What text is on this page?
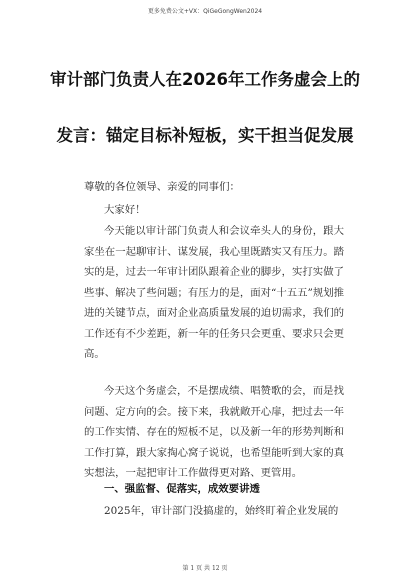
更多免费公文+VX：QiGeGongWen2024
审计部门负责人在2026年工作务虚会上的
发言：锚定目标补短板，实干担当促发展
尊敬的各位领导、亲爱的同事们：
大家好！
今天能以审计部门负责人和会议牵头人的身份，跟大家坐在一起聊审计、谋发展，我心里既踏实又有压力。踏实的是，过去一年审计团队跟着企业的脚步，实打实做了些事、解决了些问题；有压力的是，面对“十五五”规划推进的关键节点，面对企业高质量发展的迫切需求，我们的工作还有不少差距，新一年的任务只会更重、要求只会更高。
今天这个务虚会，不是摆成绩、唱赞歌的会，而是找问题、定方向的会。接下来，我就敞开心扉，把过去一年的工作实情、存在的短板不足，以及新一年的形势判断和工作打算，跟大家掏心窝子说说，也希望能听到大家的真实想法，一起把审计工作做得更对路、更管用。
一、强监督、促落实，成效要讲透
2025年，审计部门没搞虚的，始终盯着企业发展的
第 1 页 共 12 页
